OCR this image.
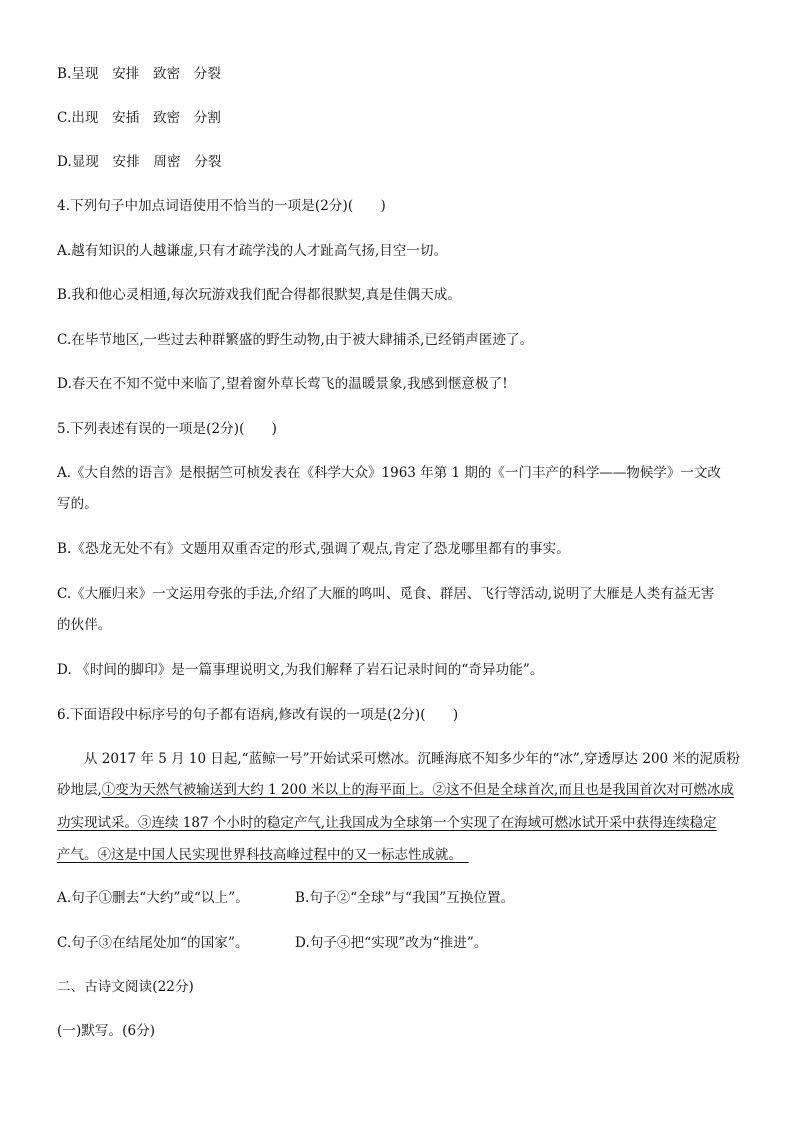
B.呈现　安排　致密　分裂
C.出现　安插　致密　分割
D.显现　安排　周密　分裂
4.下列句子中加点词语使用不恰当的一项是(2分)(　　)
A.越有知识的人越谦虚,只有才疏学浅的人才趾高气扬,目空一切。
B.我和他心灵相通,每次玩游戏我们配合得都很默契,真是佳偶天成。
C.在毕节地区,一些过去种群繁盛的野生动物,由于被大肆捕杀,已经销声匿迹了。
D.春天在不知不觉中来临了,望着窗外草长莺飞的温暖景象,我感到惬意极了!
5.下列表述有误的一项是(2分)(　　)
A.《大自然的语言》是根据竺可桢发表在《科学大众》1963 年第 1 期的《一门丰产的科学——物候学》一文改
写的。
B.《恐龙无处不有》文题用双重否定的形式,强调了观点,肯定了恐龙哪里都有的事实。
C.《大雁归来》一文运用夸张的手法,介绍了大雁的鸣叫、觅食、群居、飞行等活动,说明了大雁是人类有益无害
的伙伴。
D. 《时间的脚印》是一篇事理说明文,为我们解释了岩石记录时间的“奇异功能”。
6.下面语段中标序号的句子都有语病,修改有误的一项是(2分)(　　)
从 2017 年 5 月 10 日起,“蓝鲸一号”开始试采可燃冰。沉睡海底不知多少年的“冰”,穿透厚达 200 米的泥质粉
砂地层,①变为天然气被输送到大约 1 200 米以上的海平面上。②这不但是全球首次,而且也是我国首次对可燃冰成
功实现试采。③连续 187 个小时的稳定产气,让我国成为全球第一个实现了在海域可燃冰试开采中获得连续稳定
产气。④这是中国人民实现世界科技高峰过程中的又一标志性成就。　
A.句子①删去“大约”或“以上”。	B.句子②“全球”与“我国”互换位置。
C.句子③在结尾处加“的国家”。	D.句子④把“实现”改为“推进”。
二、古诗文阅读(22分)
(一)默写。(6分)
